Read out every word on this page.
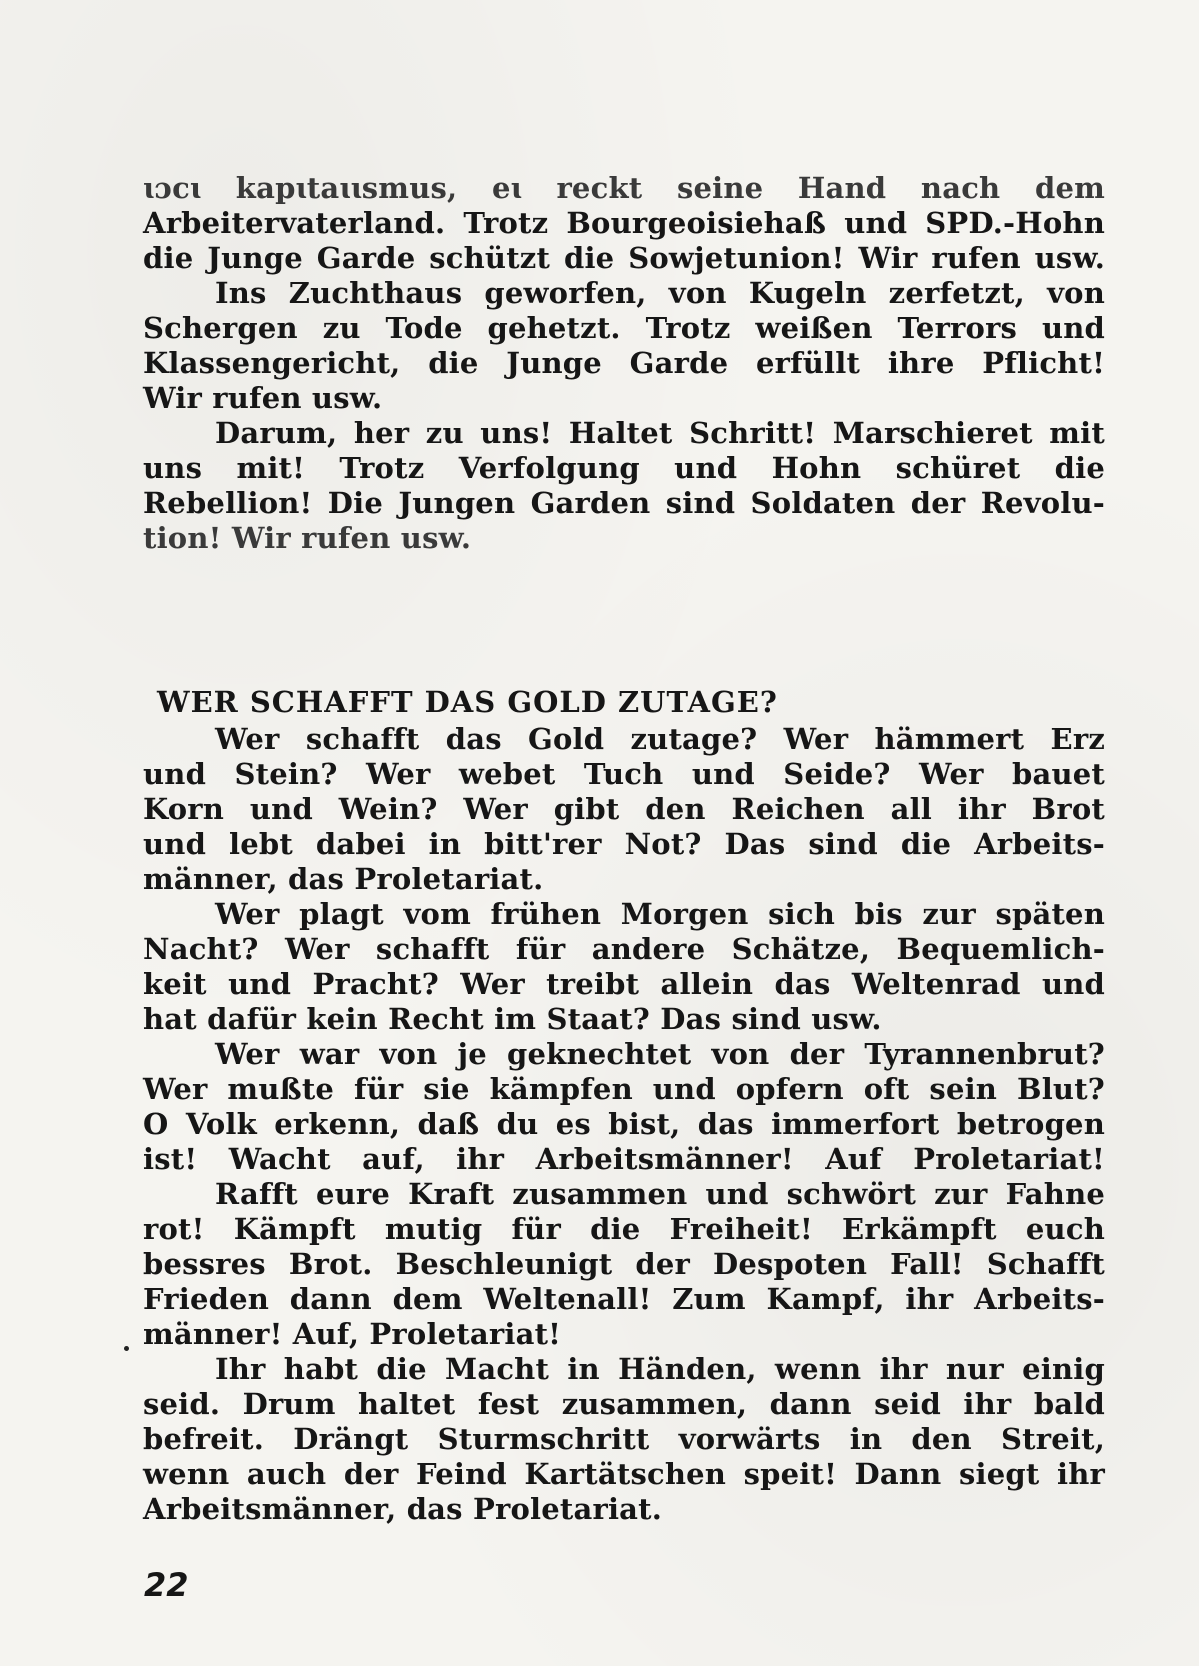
ɩɔcɩ kapɩtaɩɩsmus, eɩ reckt seine Hand nach dem
Arbeitervaterland. Trotz Bourgeoisiehaß und SPD.-Hohn
die Junge Garde schützt die Sowjetunion! Wir rufen usw.
Ins Zuchthaus geworfen, von Kugeln zerfetzt, von
Schergen zu Tode gehetzt. Trotz weißen Terrors und
Klassengericht, die Junge Garde erfüllt ihre Pflicht!
Wir rufen usw.
Darum, her zu uns! Haltet Schritt! Marschieret mit
uns mit! Trotz Verfolgung und Hohn schüret die
Rebellion! Die Jungen Garden sind Soldaten der Revolu-
tion! Wir rufen usw.
WER SCHAFFT DAS GOLD ZUTAGE?
Wer schafft das Gold zutage? Wer hämmert Erz
und Stein? Wer webet Tuch und Seide? Wer bauet
Korn und Wein? Wer gibt den Reichen all ihr Brot
und lebt dabei in bitt'rer Not? Das sind die Arbeits-
männer, das Proletariat.
Wer plagt vom frühen Morgen sich bis zur späten
Nacht? Wer schafft für andere Schätze, Bequemlich-
keit und Pracht? Wer treibt allein das Weltenrad und
hat dafür kein Recht im Staat? Das sind usw.
Wer war von je geknechtet von der Tyrannenbrut?
Wer mußte für sie kämpfen und opfern oft sein Blut?
O Volk erkenn, daß du es bist, das immerfort betrogen
ist! Wacht auf, ihr Arbeitsmänner! Auf Proletariat!
Rafft eure Kraft zusammen und schwört zur Fahne
rot! Kämpft mutig für die Freiheit! Erkämpft euch
bessres Brot. Beschleunigt der Despoten Fall! Schafft
Frieden dann dem Weltenall! Zum Kampf, ihr Arbeits-
männer! Auf, Proletariat!
Ihr habt die Macht in Händen, wenn ihr nur einig
seid. Drum haltet fest zusammen, dann seid ihr bald
befreit. Drängt Sturmschritt vorwärts in den Streit,
wenn auch der Feind Kartätschen speit! Dann siegt ihr
Arbeitsmänner, das Proletariat.
22
